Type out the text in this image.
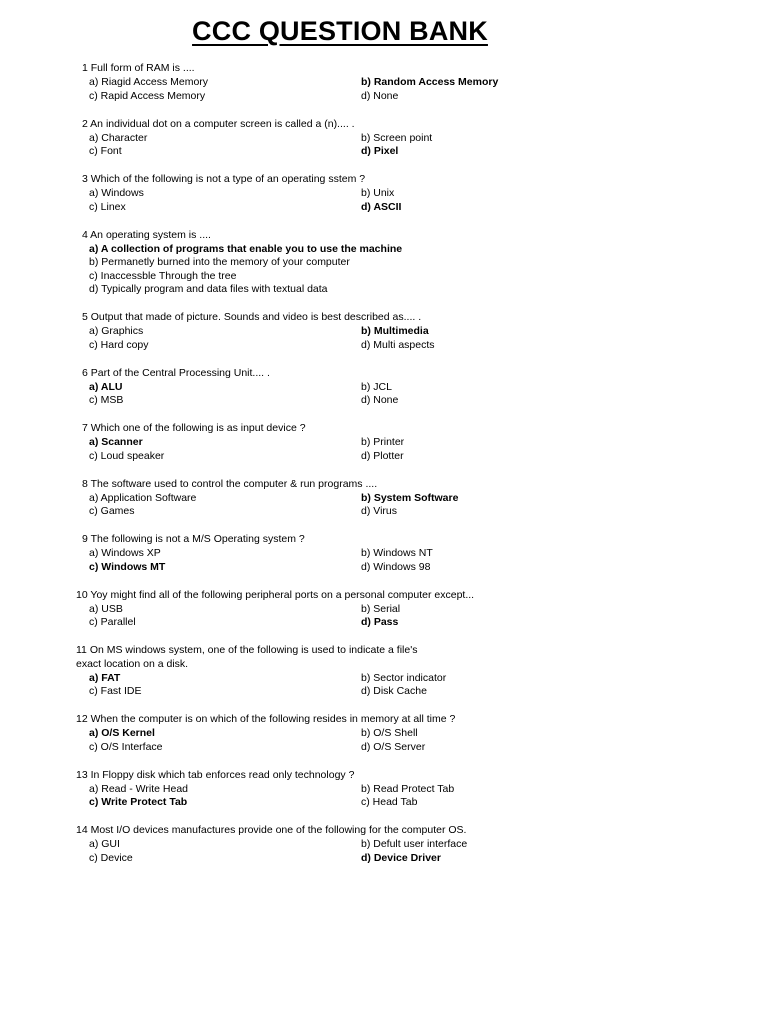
CCC QUESTION BANK
1 Full form of RAM is ....
a) Riagid Access Memory	b) Random Access Memory
c) Rapid Access Memory	d) None
2 An individual dot on a computer screen is called a (n).... .
a) Character	b) Screen point
c) Font	d) Pixel
3 Which of the following is not a type of an operating sstem ?
a) Windows	b) Unix
c) Linex	d) ASCII
4 An operating system is ....
a) A collection of programs that enable you to use the machine
b) Permanetly burned into the memory of your computer
c) Inaccessble Through the tree
d) Typically program and data files with textual data
5 Output that made of picture. Sounds and video is best described as.... .
a) Graphics	b) Multimedia
c) Hard copy	d) Multi aspects
6 Part of the Central Processing Unit.... .
a) ALU	b) JCL
c) MSB	d) None
7 Which one of the following is as input device ?
a) Scanner	b) Printer
c) Loud speaker	d) Plotter
8 The software used to control the computer & run programs ....
a) Application Software	b) System Software
c) Games	d) Virus
9 The following is not a M/S Operating system ?
a) Windows XP	b) Windows NT
c) Windows MT	d) Windows 98
10 Yoy might find all of the following peripheral ports on a personal computer except...
a) USB	b) Serial
c) Parallel	d) Pass
11 On MS windows system, one of the following is used to indicate a file's
exact location on a disk.
a) FAT	b) Sector indicator
c) Fast IDE	d) Disk Cache
12 When the computer is on which of the following resides in memory at all time ?
a) O/S Kernel	b) O/S Shell
c) O/S Interface	d) O/S Server
13 In Floppy disk which tab enforces read only technology ?
a) Read - Write Head	b) Read Protect Tab
c) Write Protect Tab	c) Head Tab
14 Most I/O devices manufactures provide one of the following for the computer OS.
a) GUI	b) Defult user interface
c) Device	d) Device Driver
